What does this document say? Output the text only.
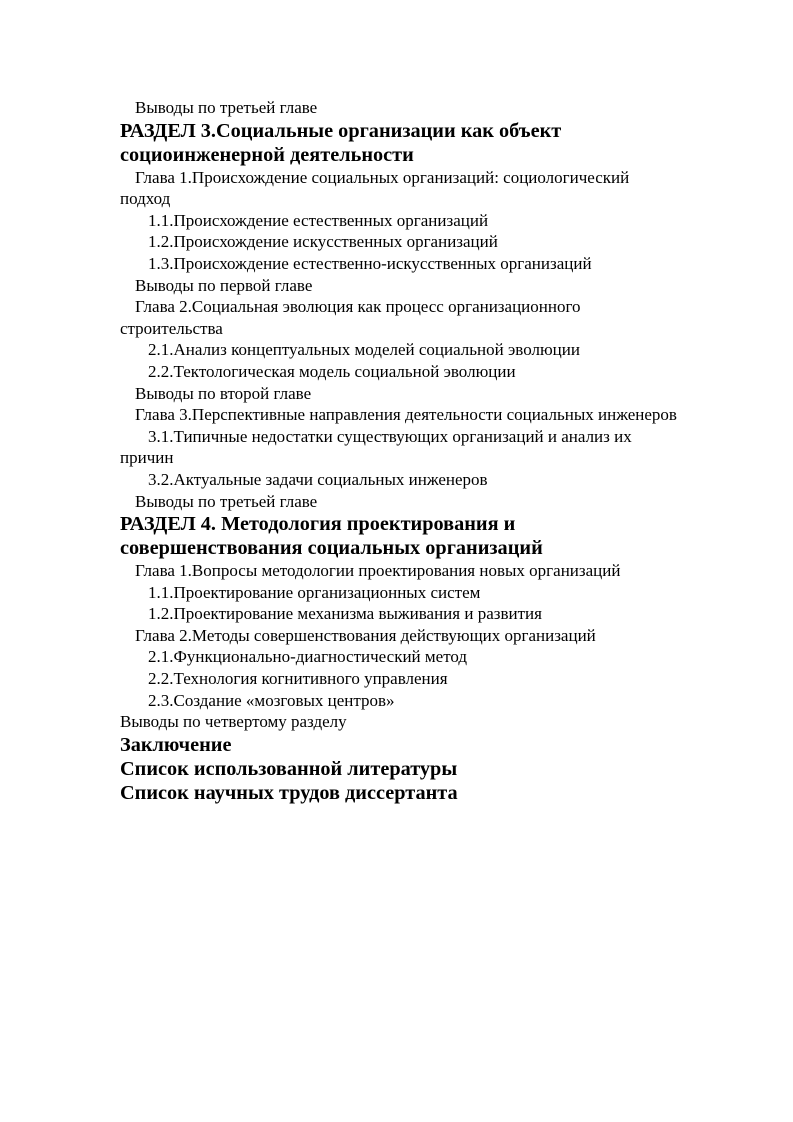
Выводы по третьей главе
РАЗДЕЛ 3.Социальные организации как объект социоинженерной деятельности
Глава 1.Происхождение социальных организаций: социологический подход
1.1.Происхождение естественных организаций
1.2.Происхождение искусственных организаций
1.3.Происхождение естественно-искусственных организаций
Выводы по первой главе
Глава 2.Социальная эволюция как процесс организационного строительства
2.1.Анализ концептуальных моделей социальной эволюции
2.2.Тектологическая модель социальной эволюции
Выводы по второй главе
Глава 3.Перспективные направления деятельности социальных инженеров
3.1.Типичные недостатки существующих организаций и анализ их причин
3.2.Актуальные задачи социальных инженеров
Выводы по третьей главе
РАЗДЕЛ 4. Методология проектирования и совершенствования социальных организаций
Глава 1.Вопросы методологии проектирования новых организаций
1.1.Проектирование организационных систем
1.2.Проектирование механизма выживания и развития
Глава 2.Методы совершенствования действующих организаций
2.1.Функционально-диагностический метод
2.2.Технология когнитивного управления
2.3.Создание «мозговых центров»
Выводы по четвертому разделу
Заключение
Список использованной литературы
Список научных трудов диссертанта
